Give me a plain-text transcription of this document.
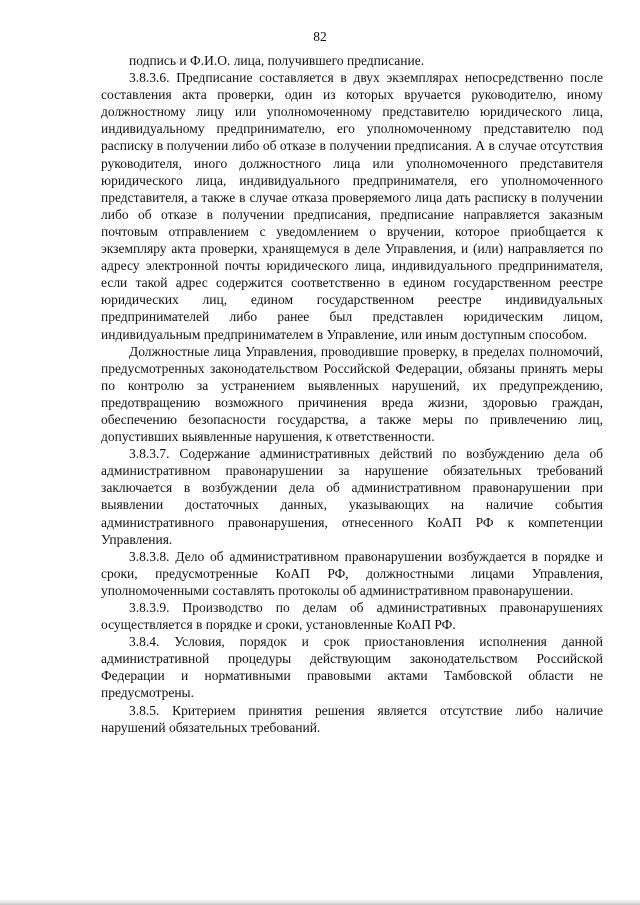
82

подпись и Ф.И.О. лица, получившего предписание.

3.8.3.6. Предписание составляется в двух экземплярах непосредственно после составления акта проверки, один из которых вручается руководителю, иному должностному лицу или уполномоченному представителю юридического лица, индивидуальному предпринимателю, его уполномоченному представителю под расписку в получении либо об отказе в получении предписания. А в случае отсутствия руководителя, иного должностного лица или уполномоченного представителя юридического лица, индивидуального предпринимателя, его уполномоченного представителя, а также в случае отказа проверяемого лица дать расписку в получении либо об отказе в получении предписания, предписание направляется заказным почтовым отправлением с уведомлением о вручении, которое приобщается к экземпляру акта проверки, хранящемуся в деле Управления, и (или) направляется по адресу электронной почты юридического лица, индивидуального предпринимателя, если такой адрес содержится соответственно в едином государственном реестре юридических лиц, едином государственном реестре индивидуальных предпринимателей либо ранее был представлен юридическим лицом, индивидуальным предпринимателем в Управление, или иным доступным способом.

Должностные лица Управления, проводившие проверку, в пределах полномочий, предусмотренных законодательством Российской Федерации, обязаны принять меры по контролю за устранением выявленных нарушений, их предупреждению, предотвращению возможного причинения вреда жизни, здоровью граждан, обеспечению безопасности государства, а также меры по привлечению лиц, допустивших выявленные нарушения, к ответственности.

3.8.3.7. Содержание административных действий по возбуждению дела об административном правонарушении за нарушение обязательных требований заключается в возбуждении дела об административном правонарушении при выявлении достаточных данных, указывающих на наличие события административного правонарушения, отнесенного КоАП РФ к компетенции Управления.

3.8.3.8. Дело об административном правонарушении возбуждается в порядке и сроки, предусмотренные КоАП РФ, должностными лицами Управления, уполномоченными составлять протоколы об административном правонарушении.

3.8.3.9. Производство по делам об административных правонарушениях осуществляется в порядке и сроки, установленные КоАП РФ.

3.8.4. Условия, порядок и срок приостановления исполнения данной административной процедуры действующим законодательством Российской Федерации и нормативными правовыми актами Тамбовской области не предусмотрены.

3.8.5. Критерием принятия решения является отсутствие либо наличие нарушений обязательных требований.
